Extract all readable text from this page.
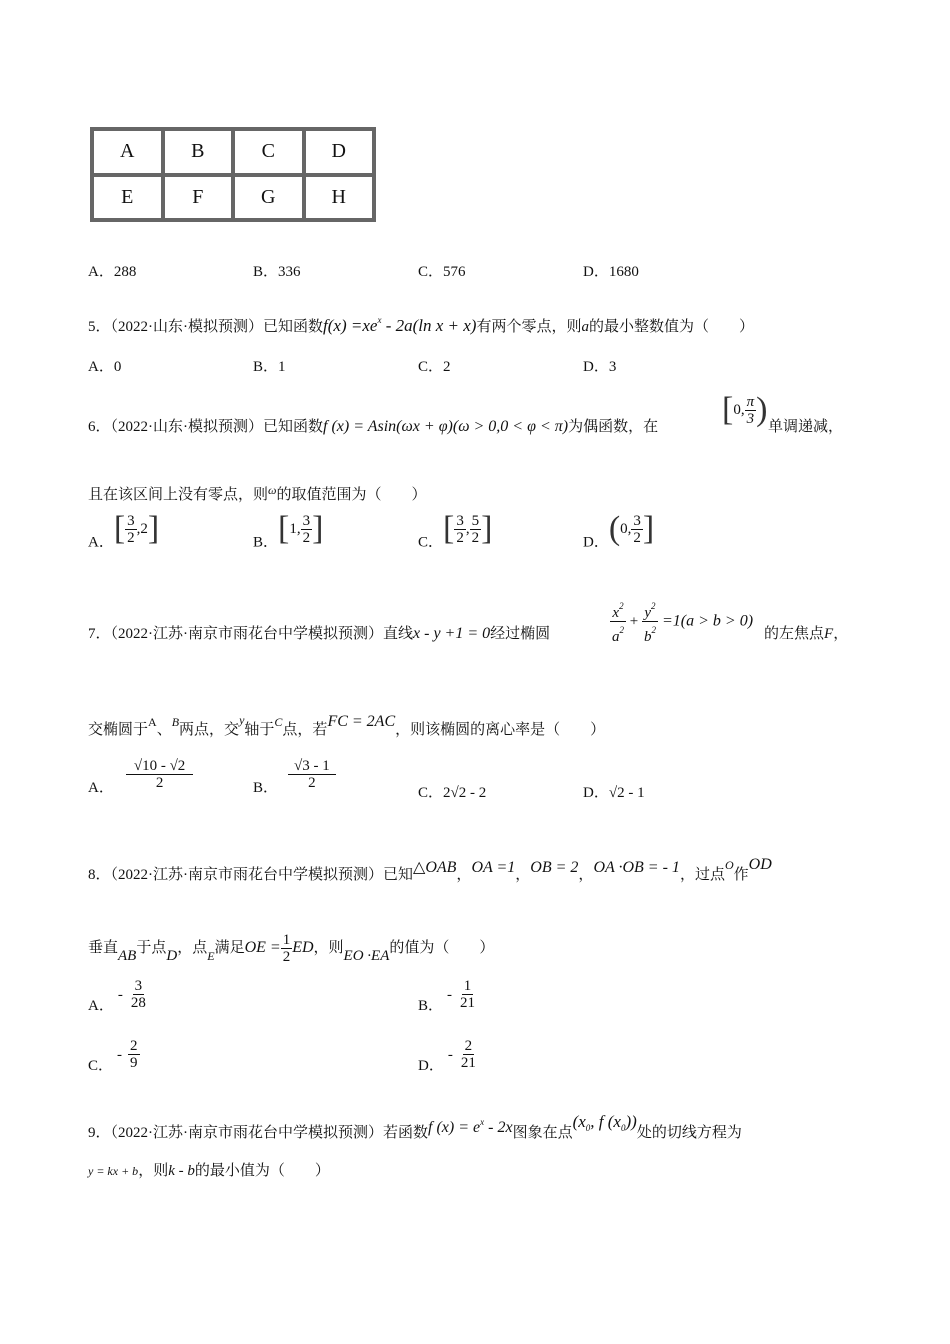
A	B	C	D
E	F	G	H
A．288	B．336	C．576	D．1680
5．（2022·山东·模拟预测）已知函数$f(x) =xe^x - 2a(\ln$ x + x)有两个零点，则a的最小整数值为（　　）
A．0	B．1	C．2	D．3
6．（2022·山东·模拟预测）已知函数f (x) = Asin(ωx + φ)(ω > 0,0 < φ < π)为偶函数，在 [0, $\frac{\pi}{3}$ ) 单调递减，
且在该区间上没有零点，则$^\omega$的取值范围为（　　）
A．[ $\frac{3}{2} ,2$]	B．[1, $\frac{3}{2}$ ]	C．[ $\frac{3}{2}$ , $\frac{5}{2}$ ]	D．(0, $\frac{3}{2}$ ]
7．（2022·江苏·南京市雨花台中学模拟预测）直线x - y +1 = 0经过椭圆	$\frac{x^2}{a^2} + \frac{y^2}{b^2} =1(a > b > 0)$
的左焦点F，
交椭圆于$^A$、$^B$两点，交$^y$轴于$^C$点，若FC = 2AC，则该椭圆的离心率是（　　）
A． $\frac{√10 - √2}{2}$	B． $\frac{√3 - 1}{2}$
C．2√2 - 2	D．√2 - 1
8．（2022·江苏·南京市雨花台中学模拟预测）已知△OAB，OA =1，OB = 2，OA ·OB = - 1，过点$^O$作OD
垂直AB于点D，点$_E$满足OE = $\frac{1}{2}$ ED，则EO ·EA的值为（　　）
A．- $\frac{3}{28}$	B．- $\frac{1}{21}$
C．- $\frac{2}{9}$	D．- $\frac{2}{21}$
9．（2022·江苏·南京市雨花台中学模拟预测）若函数f $(x) = e^x - 2x$图象在点($x_0$, f $(x_0)$)处的切线方程为
y = kx + b，则k - b的最小值为（　　）
